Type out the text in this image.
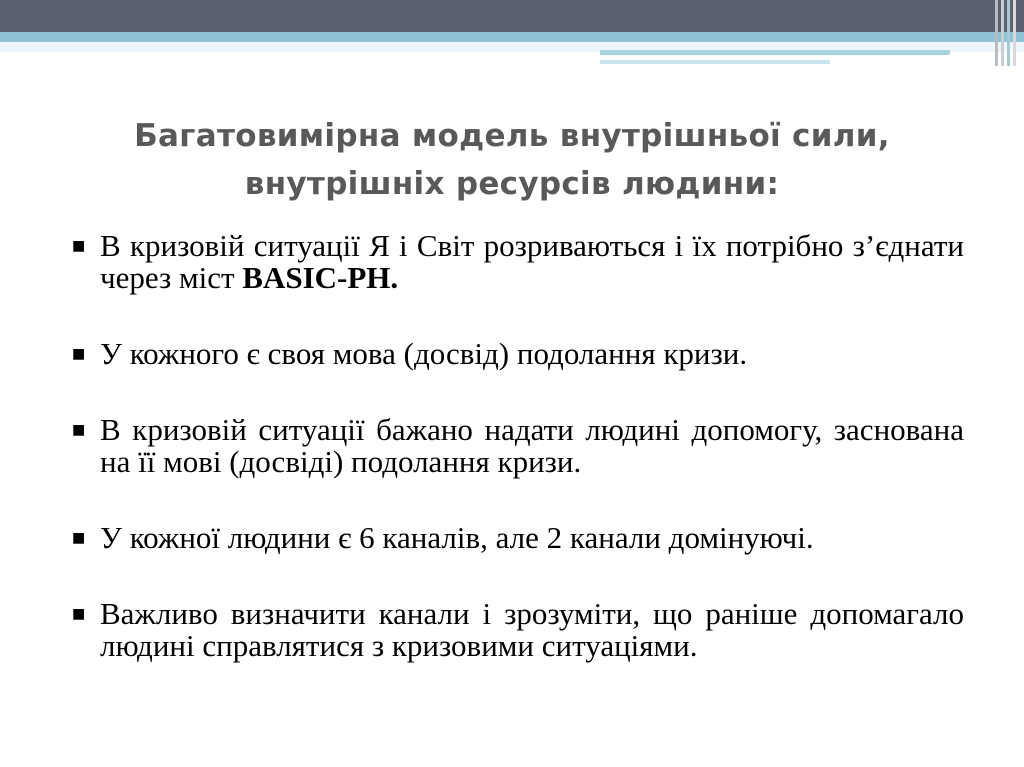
Багатовимірна модель внутрішньої сили,
внутрішніх ресурсів людини:
■ В кризовій ситуації Я і Світ розриваються і їх потрібно з’єднати через міст BASIC-PH.
■ У кожного є своя мова (досвід) подолання кризи.
■ В кризовій ситуації бажано надати людині допомогу, заснована на її мові (досвіді) подолання кризи.
■ У кожної людини є 6 каналів, але 2 канали домінуючі.
■ Важливо визначити канали і зрозуміти, що раніше допомагало людині справлятися з кризовими ситуаціями.
